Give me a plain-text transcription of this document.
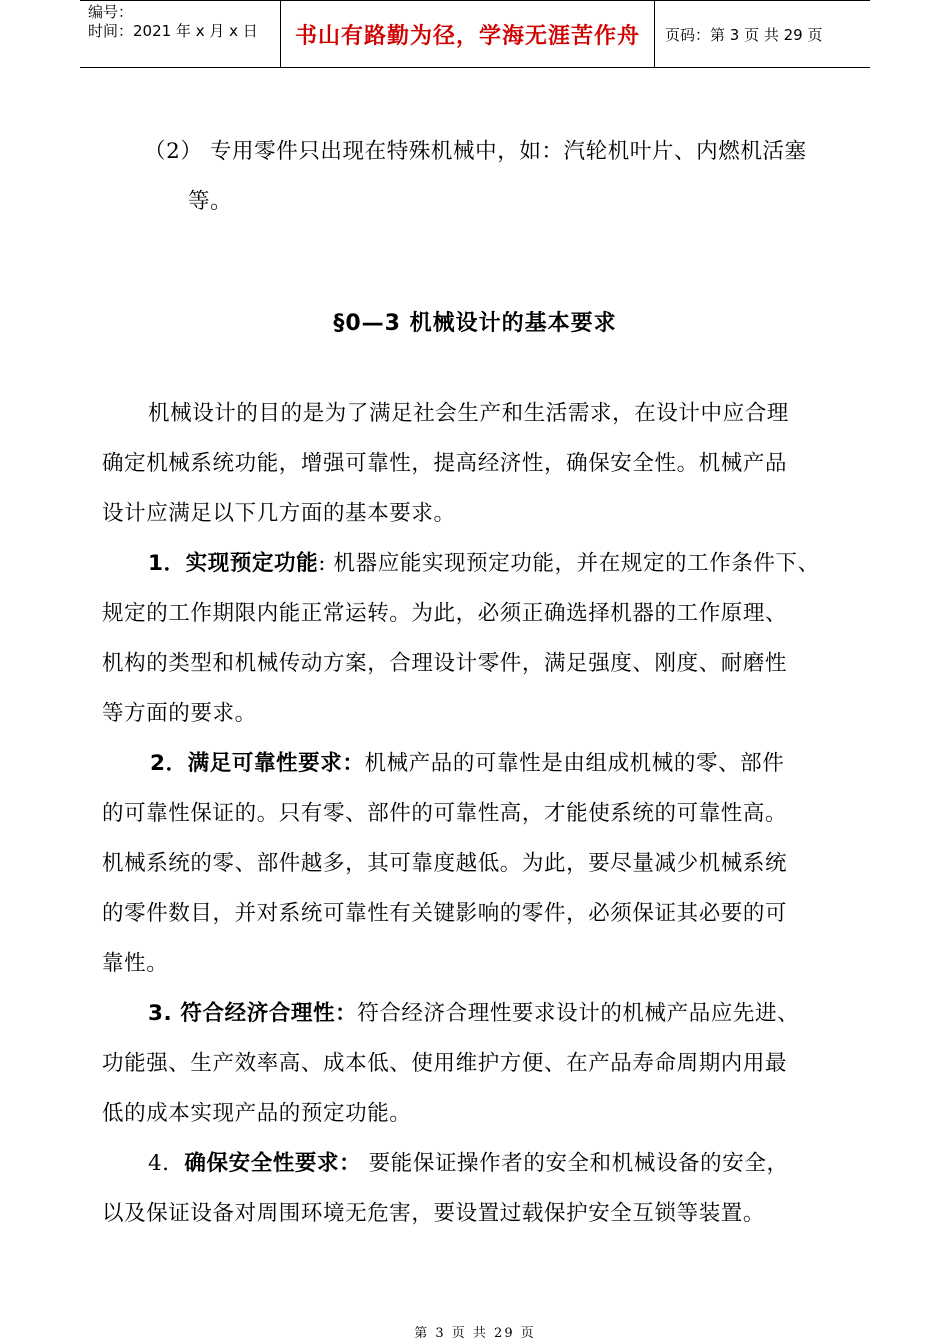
编号：
时间：2021 年 x 月 x 日	书山有路勤为径，学海无涯苦作舟 页码：第 3 页 共 29 页
（2） 专用零件只出现在特殊机械中，如：汽轮机叶片、内燃机活塞
等。
§0—3 机械设计的基本要求
机械设计的目的是为了满足社会生产和生活需求，在设计中应合理
确定机械系统功能，增强可靠性，提高经济性，确保安全性。机械产品
设计应满足以下几方面的基本要求。
1．实现预定功能: 机器应能实现预定功能，并在规定的工作条件下、
规定的工作期限内能正常运转。为此，必须正确选择机器的工作原理、
机构的类型和机械传动方案，合理设计零件，满足强度、刚度、耐磨性
等方面的要求。
2．满足可靠性要求：机械产品的可靠性是由组成机械的零、部件
的可靠性保证的。只有零、部件的可靠性高，才能使系统的可靠性高。
机械系统的零、部件越多，其可靠度越低。为此，要尽量减少机械系统
的零件数目，并对系统可靠性有关键影响的零件，必须保证其必要的可
靠性。
3. 符合经济合理性：符合经济合理性要求设计的机械产品应先进、
功能强、生产效率高、成本低、使用维护方便、在产品寿命周期内用最
低的成本实现产品的预定功能。
4．确保安全性要求： 要能保证操作者的安全和机械设备的安全，
以及保证设备对周围环境无危害，要设置过载保护安全互锁等装置。
第 3 页 共 29 页
